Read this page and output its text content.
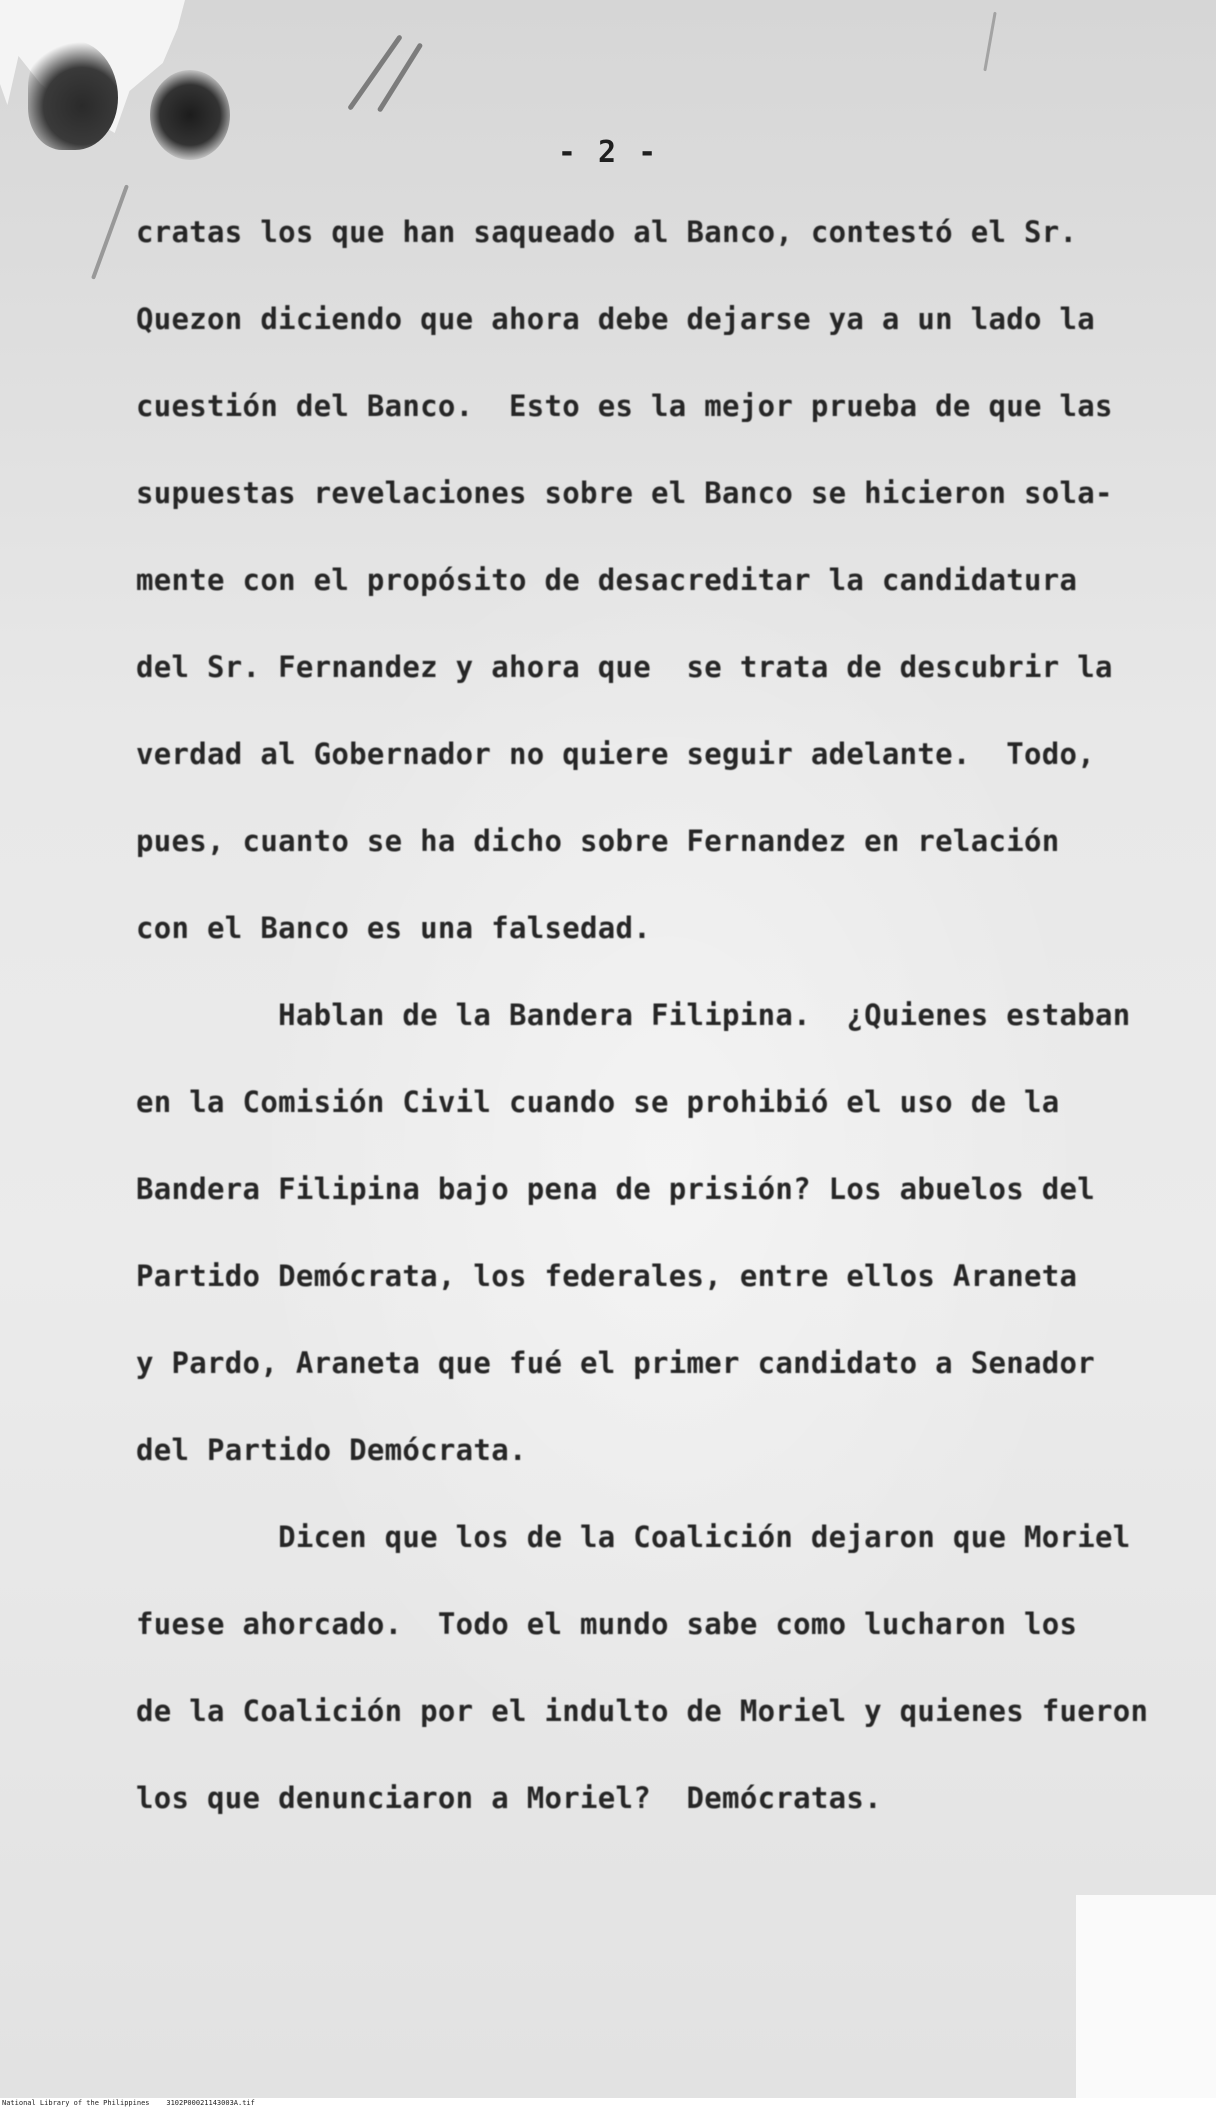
- 2 -
cratas los que han saqueado al Banco, contestó el Sr.
Quezon diciendo que ahora debe dejarse ya a un lado la
cuestión del Banco.  Esto es la mejor prueba de que las
supuestas revelaciones sobre el Banco se hicieron sola-
mente con el propósito de desacreditar la candidatura
del Sr. Fernandez y ahora que  se trata de descubrir la
verdad al Gobernador no quiere seguir adelante.  Todo,
pues, cuanto se ha dicho sobre Fernandez en relación
con el Banco es una falsedad.
Hablan de la Bandera Filipina.  ¿Quienes estaban
en la Comisión Civil cuando se prohibió el uso de la
Bandera Filipina bajo pena de prisión? Los abuelos del
Partido Demócrata, los federales, entre ellos Araneta
y Pardo, Araneta que fué el primer candidato a Senador
del Partido Demócrata.
Dicen que los de la Coalición dejaron que Moriel
fuese ahorcado.  Todo el mundo sabe como lucharon los
de la Coalición por el indulto de Moriel y quienes fueron
los que denunciaron a Moriel?  Demócratas.
National Library of the Philippines    3102P00021143003A.tif
